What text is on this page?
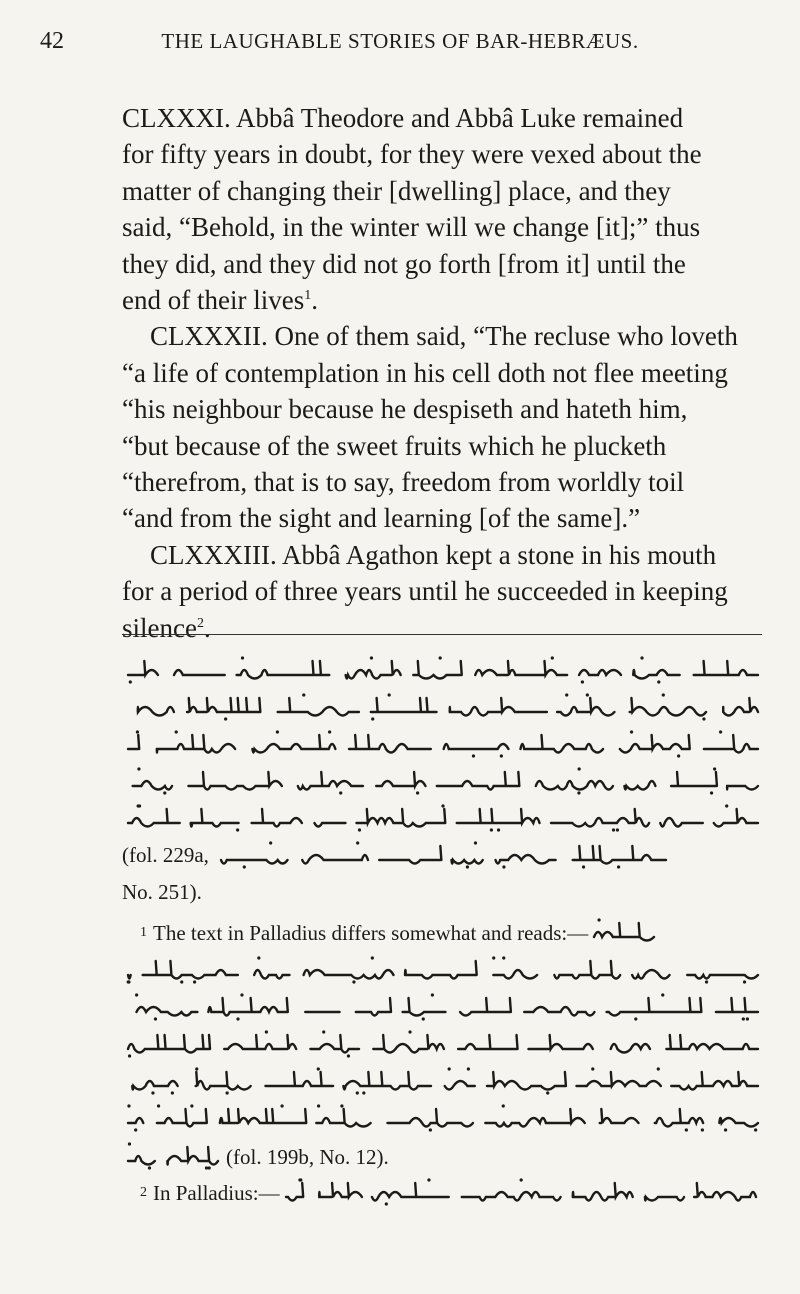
42	THE LAUGHABLE STORIES OF BAR-HEBRÆUS.

CLXXXI. Abbâ Theodore and Abbâ Luke remained
for fifty years in doubt, for they were vexed about the
matter of changing their [dwelling] place, and they
said, “Behold, in the winter will we change [it];” thus
they did, and they did not go forth [from it] until the
end of their lives$^1$.

CLXXXII. One of them said, “The recluse who loveth
“a life of contemplation in his cell doth not flee meeting
“his neighbour because he despiseth and hateth him,
“but because of the sweet fruits which he plucketh
“therefrom, that is to say, freedom from worldly toil
“and from the sight and learning [of the same].”

CLXXXIII. Abbâ Agathon kept a stone in his mouth
for a period of three years until he succeeded in keeping
silence$^2$.

(fol. 229a,
No. 251).
1 The text in Palladius differs somewhat and reads:—
(fol. 199b, No. 12).
2 In Palladius:—
